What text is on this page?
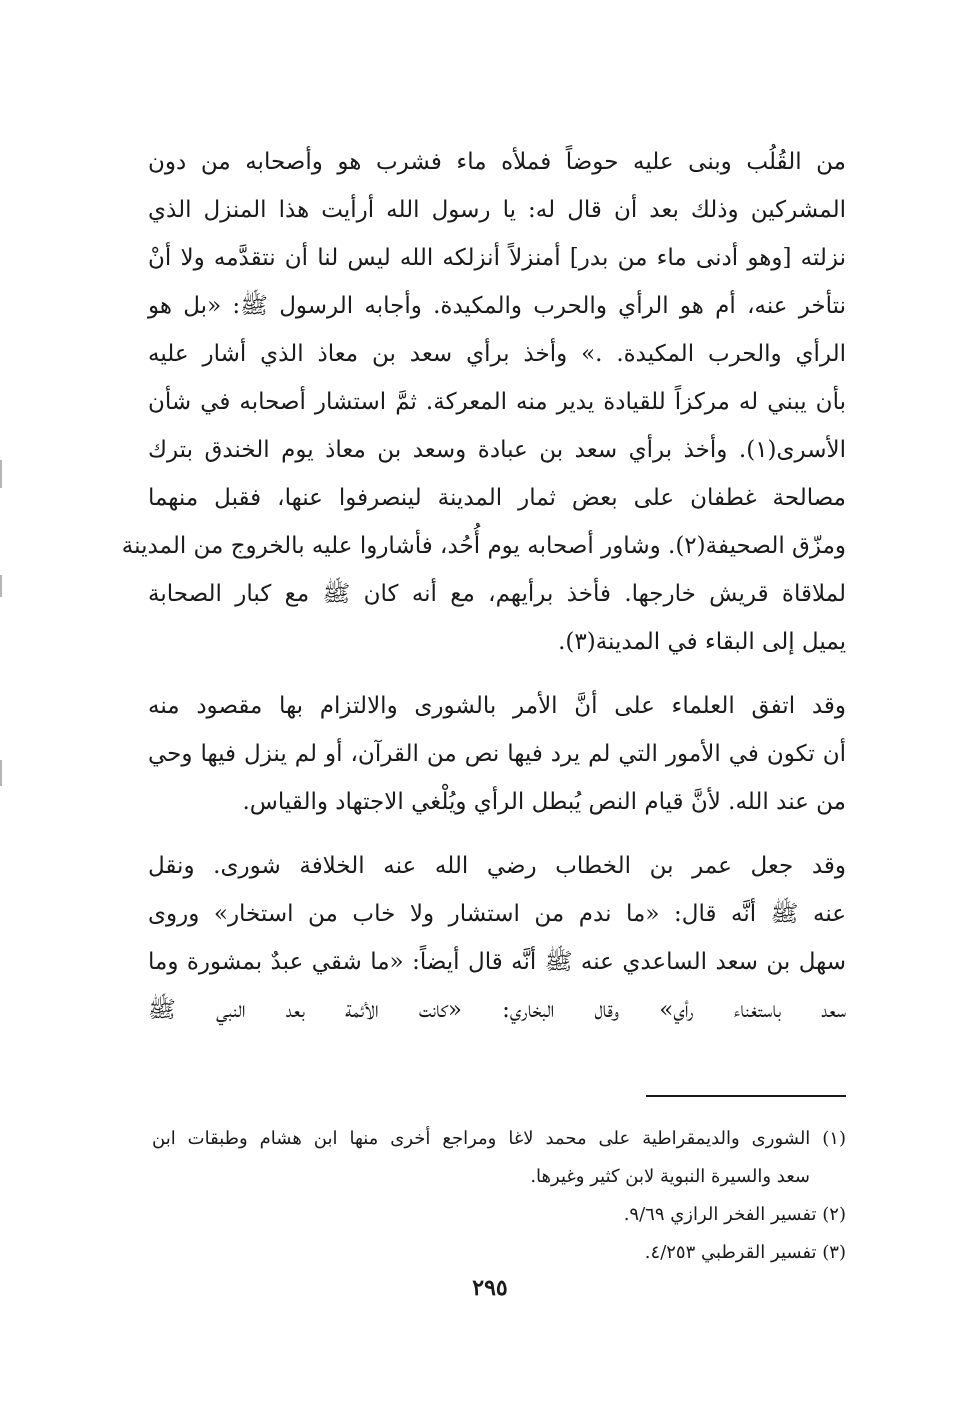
من القُلُب وبنى عليه حوضاً فملأه ماء فشرب هو وأصحابه من دون
المشركين وذلك بعد أن قال له: يا رسول الله أرأيت هذا المنزل الذي
نزلته [وهو أدنى ماء من بدر] أمنزلاً أنزلكه الله ليس لنا أن نتقدَّمه ولا أنْ
نتأخر عنه، أم هو الرأي والحرب والمكيدة. وأجابه الرسول ﷺ: «بل هو
الرأي والحرب المكيدة. .» وأخذ برأي سعد بن معاذ الذي أشار عليه
بأن يبني له مركزاً للقيادة يدير منه المعركة. ثمَّ استشار أصحابه في شأن
الأسرى(١). وأخذ برأي سعد بن عبادة وسعد بن معاذ يوم الخندق بترك
مصالحة غطفان على بعض ثمار المدينة لينصرفوا عنها، فقبل منهما
ومزّق الصحيفة(٢). وشاور أصحابه يوم أُحُد، فأشاروا عليه بالخروج من المدينة
لملاقاة قريش خارجها. فأخذ برأيهم، مع أنه كان ﷺ مع كبار الصحابة
يميل إلى البقاء في المدينة(٣).
وقد اتفق العلماء على أنَّ الأمر بالشورى والالتزام بها مقصود منه
أن تكون في الأمور التي لم يرد فيها نص من القرآن، أو لم ينزل فيها وحي
من عند الله. لأنَّ قيام النص يُبطل الرأي ويُلْغي الاجتهاد والقياس.
وقد جعل عمر بن الخطاب رضي الله عنه الخلافة شورى. ونقل
عنه ﷺ أنَّه قال: «ما ندم من استشار ولا خاب من استخار» وروى
سهل بن سعد الساعدي عنه ﷺ أنَّه قال أيضاً: «ما شقي عبدٌ بمشورة وما
سعد باستغناء رأي» وقال البخاري: «كانت الأئمة بعد النبي ﷺ
(١) الشورى والديمقراطية على محمد لاغا ومراجع أخرى منها ابن هشام وطبقات ابن
سعد والسيرة النبوية لابن كثير وغيرها.
(٢) تفسير الفخر الرازي ٩/٦٩.
(٣) تفسير القرطبي ٤/٢٥٣.
٢٩٥
